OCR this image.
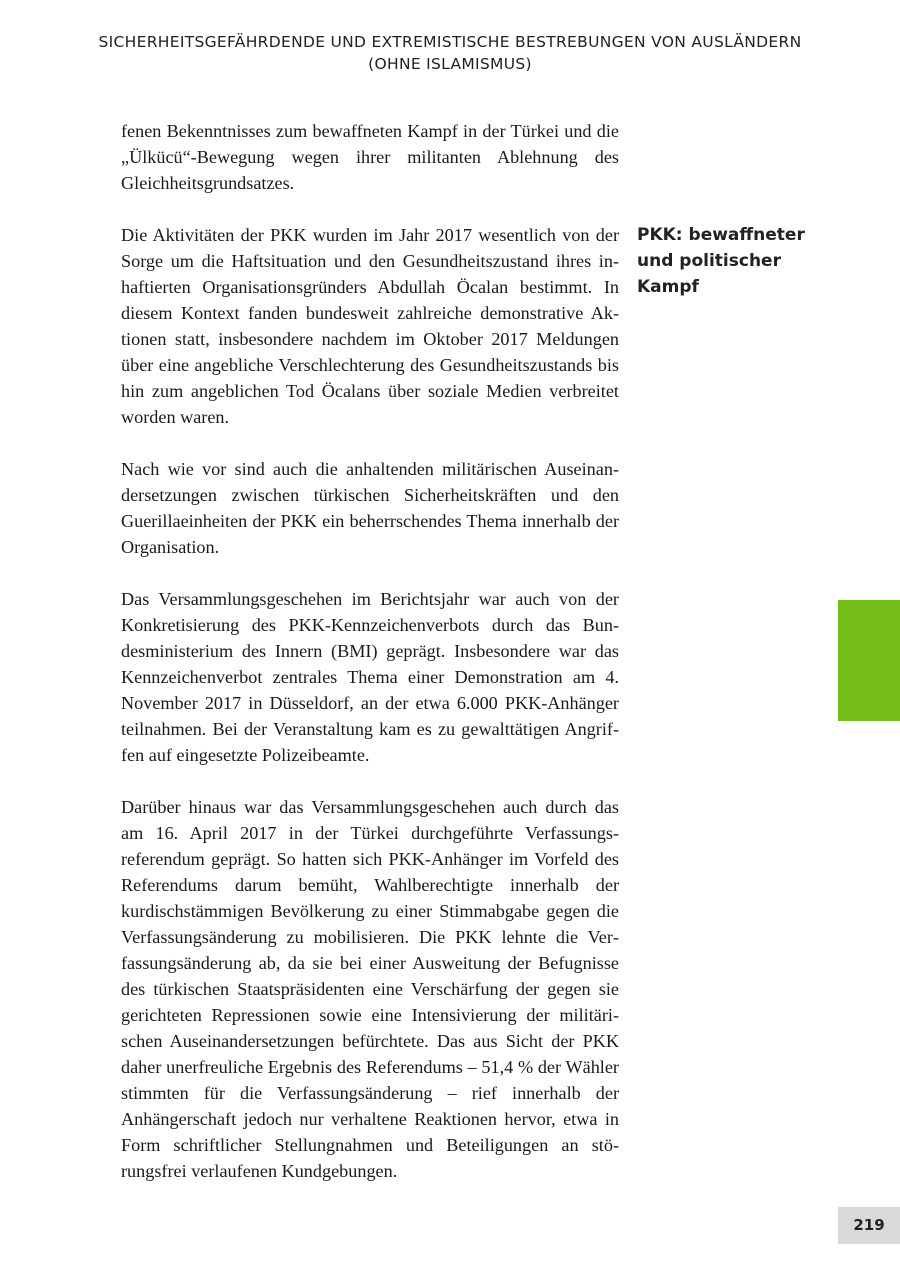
SICHERHEITSGEFÄHRDENDE UND EXTREMISTISCHE BESTREBUNGEN VON AUSLÄNDERN
(OHNE ISLAMISMUS)

fenen Bekenntnisses zum bewaffneten Kampf in der Türkei und die „Ülkücü“-Bewegung wegen ihrer militanten Ablehnung des Gleichheitsgrundsatzes.

Die Aktivitäten der PKK wurden im Jahr 2017 wesentlich von der Sorge um die Haftsituation und den Gesundheitszustand ihres inhaftierten Organisationsgründers Abdullah Öcalan bestimmt. In diesem Kontext fanden bundesweit zahlreiche demonstrative Aktionen statt, insbesondere nachdem im Oktober 2017 Meldungen über eine angebliche Verschlechterung des Gesundheitszustands bis hin zum angeblichen Tod Öcalans über soziale Medien verbreitet worden waren.

Nach wie vor sind auch die anhaltenden militärischen Auseinandersetzungen zwischen türkischen Sicherheitskräften und den Guerillaeinheiten der PKK ein beherrschendes Thema innerhalb der Organisation.

Das Versammlungsgeschehen im Berichtsjahr war auch von der Konkretisierung des PKK-Kennzeichenverbots durch das Bundesministerium des Innern (BMI) geprägt. Insbesondere war das Kennzeichenverbot zentrales Thema einer Demonstration am 4. November 2017 in Düsseldorf, an der etwa 6.000 PKK-Anhänger teilnahmen. Bei der Veranstaltung kam es zu gewalttätigen Angriffen auf eingesetzte Polizeibeamte.

Darüber hinaus war das Versammlungsgeschehen auch durch das am 16. April 2017 in der Türkei durchgeführte Verfassungsreferendum geprägt. So hatten sich PKK-Anhänger im Vorfeld des Referendums darum bemüht, Wahlberechtigte innerhalb der kurdischstämmigen Bevölkerung zu einer Stimmabgabe gegen die Verfassungsänderung zu mobilisieren. Die PKK lehnte die Verfassungsänderung ab, da sie bei einer Ausweitung der Befugnisse des türkischen Staatspräsidenten eine Verschärfung der gegen sie gerichteten Repressionen sowie eine Intensivierung der militärischen Auseinandersetzungen befürchtete. Das aus Sicht der PKK daher unerfreuliche Ergebnis des Referendums – 51,4 % der Wähler stimmten für die Verfassungsänderung – rief innerhalb der Anhängerschaft jedoch nur verhaltene Reaktionen hervor, etwa in Form schriftlicher Stellungnahmen und Beteiligungen an störungsfrei verlaufenen Kundgebungen.

PKK: bewaffneter und politischer Kampf
219
